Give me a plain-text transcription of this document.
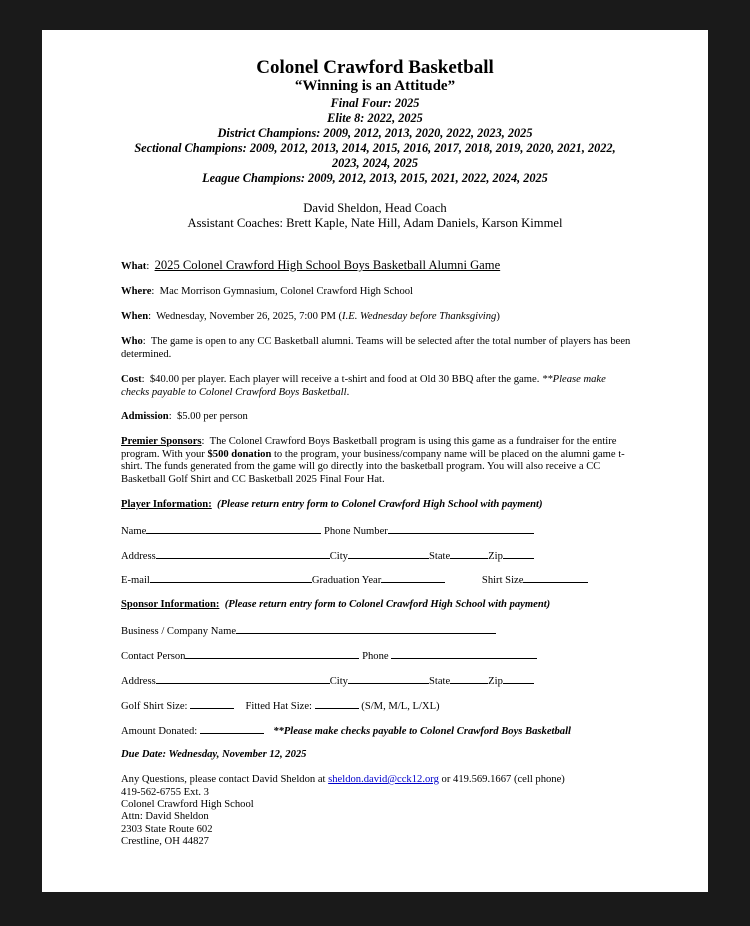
Colonel Crawford Basketball
“Winning is an Attitude”
Final Four: 2025
Elite 8: 2022, 2025
District Champions: 2009, 2012, 2013, 2020, 2022, 2023, 2025
Sectional Champions: 2009, 2012, 2013, 2014, 2015, 2016, 2017, 2018, 2019, 2020, 2021, 2022,
2023, 2024, 2025
League Champions: 2009, 2012, 2013, 2015, 2021, 2022, 2024, 2025
David Sheldon, Head Coach
Assistant Coaches: Brett Kaple, Nate Hill, Adam Daniels, Karson Kimmel
What:  2025 Colonel Crawford High School Boys Basketball Alumni Game
Where:  Mac Morrison Gymnasium, Colonel Crawford High School
When:  Wednesday, November 26, 2025, 7:00 PM (I.E. Wednesday before Thanksgiving)
Who:  The game is open to any CC Basketball alumni. Teams will be selected after the total number of players has been determined.
Cost:  $40.00 per player. Each player will receive a t-shirt and food at Old 30 BBQ after the game. **Please make checks payable to Colonel Crawford Boys Basketball.
Admission:  $5.00 per person
Premier Sponsors:  The Colonel Crawford Boys Basketball program is using this game as a fundraiser for the entire program. With your $500 donation to the program, your business/company name will be placed on the alumni game t-shirt. The funds generated from the game will go directly into the basketball program. You will also receive a CC Basketball Golf Shirt and CC Basketball 2025 Final Four Hat.
Player Information: (Please return entry form to Colonel Crawford High School with payment)
Name	Phone Number
Address	City	State	Zip
E-mail	Graduation Year	Shirt Size
Sponsor Information: (Please return entry form to Colonel Crawford High School with payment)
Business / Company Name
Contact Person	Phone
Address	City	State	Zip
Golf Shirt Size:	Fitted Hat Size:	(S/M, M/L, L/XL)
Amount Donated:	**Please make checks payable to Colonel Crawford Boys Basketball
Due Date: Wednesday, November 12, 2025
Any Questions, please contact David Sheldon at sheldon.david@cck12.org or 419.569.1667 (cell phone)
419-562-6755 Ext. 3
Colonel Crawford High School
Attn: David Sheldon
2303 State Route 602
Crestline, OH 44827
